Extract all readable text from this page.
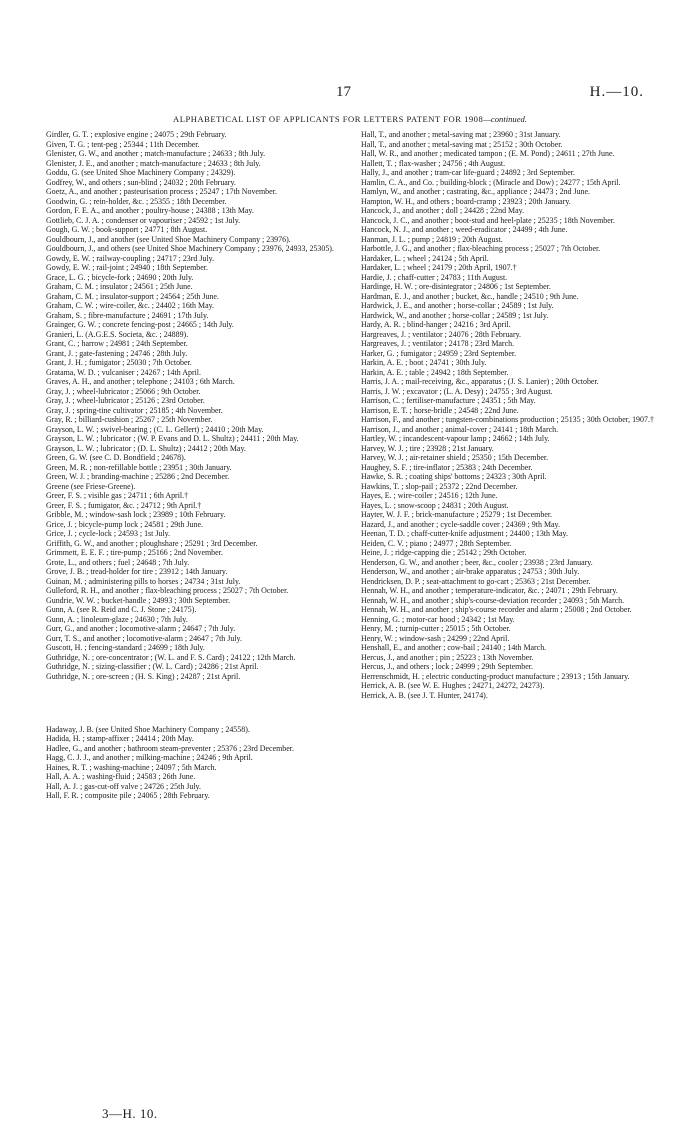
17	H.—10.
ALPHABETICAL LIST OF APPLICANTS FOR LETTERS PATENT FOR 1908—continued.

Girdler, G. T. ; explosive engine ; 24075 ; 29th February.

Given, T. G. ; tent-peg ; 25344 ; 11th December.

Glenister, G. W., and another ; match-manufacture ; 24633 ; 8th July.

Glenister, J. E., and another ; match-manufacture ; 24633 ; 8th July.

Goddu, G. (see United Shoe Machinery Company ; 24329).

Godfrey, W., and others ; sun-blind ; 24032 ; 20th February.

Goetz, A., and another ; pasteurisation process ; 25247 ; 17th November.

Goodwin, G. ; rein-holder, &c. ; 25355 ; 18th December.

Gordon, F. E. A., and another ; poultry-house ; 24388 ; 13th May.

Gottlieb, C. J. A. ; condenser or vapouriser ; 24592 ; 1st July.

Gough, G. W. ; book-support ; 24771 ; 8th August.

Gouldbourn, J., and another (see United Shoe Machinery Company ; 23976).

Gouldbourn, J., and others (see United Shoe Machinery Company ; 23976, 24933, 25305).

Gowdy, E. W. ; railway-coupling ; 24717 ; 23rd July.

Gowdy, E. W. ; rail-joint ; 24940 ; 18th September.

Grace, L. G. ; bicycle-fork ; 24690 ; 20th July.

Graham, C. M. ; insulator ; 24561 ; 25th June.

Graham, C. M. ; insulator-support ; 24564 ; 25th June.

Graham, C. W. ; wire-coiler, &c. ; 24402 ; 16th May.

Graham, S. ; fibre-manufacture ; 24691 ; 17th July.

Grainger, G. W. ; concrete fencing-post ; 24665 ; 14th July.

Granieri, L. (A.G.E.S. Societa, &c. ; 24889).

Grant, C. ; harrow ; 24981 ; 24th September.

Grant, J. ; gate-fastening ; 24746 ; 28th July.

Grant, J. H. ; fumigator ; 25030 ; 7th October.

Gratama, W. D. ; vulcaniser ; 24267 ; 14th April.

Graves, A. H., and another ; telephone ; 24103 ; 6th March.

Gray, J. ; wheel-lubricator ; 25066 ; 9th October.

Gray, J. ; wheel-lubricator ; 25126 ; 23rd October.

Gray, J. ; spring-tine cultivator ; 25185 ; 4th November.

Gray, R. ; billiard-cushion ; 25267 ; 25th November.

Grayson, L. W. ; swivel-bearing ; (C. L. Gellert) ; 24410 ; 20th May.

Grayson, L. W. ; lubricator ; (W. P. Evans and D. L. Shultz) ; 24411 ; 20th May.

Grayson, L. W. ; lubricator ; (D. L. Shultz) ; 24412 ; 20th May.

Green, G. W. (see C. D. Bondfield ; 24678).

Green, M. R. ; non-refillable bottle ; 23951 ; 30th January.

Green, W. J. ; branding-machine ; 25286 ; 2nd December.

Greene (see Friese-Greene).

Greer, F. S. ; visible gas ; 24711 ; 6th April.†

Greer, F. S. ; fumigator, &c. ; 24712 ; 9th April.†

Gribble, M. ; window-sash lock ; 23989 ; 10th February.

Grice, J. ; bicycle-pump lock ; 24581 ; 29th June.

Grice, J. ; cycle-lock ; 24593 ; 1st July.

Griffith, G. W., and another ; ploughshare ; 25291 ; 3rd December.

Grimmett, E. E. F. ; tire-pump ; 25166 ; 2nd November.

Grote, L., and others ; fuel ; 24648 ; 7th July.

Grove, J. B. ; tread-holder for tire ; 23912 ; 14th January.

Guinan, M. ; administering pills to horses ; 24734 ; 31st July.

Gulleford, R. H., and another ; flax-bleaching process ; 25027 ; 7th October.

Gundrie, W. W. ; bucket-handle ; 24993 ; 30th September.

Gunn, A. (see R. Reid and C. J. Stone ; 24175).

Gunn, A. ; linoleum-glaze ; 24630 ; 7th July.

Gurr, G., and another ; locomotive-alarm ; 24647 ; 7th July.

Gurr, T. S., and another ; locomotive-alarm ; 24647 ; 7th July.

Guscott, H. ; fencing-standard ; 24699 ; 18th July.

Guthridge, N. ; ore-concentrator ; (W. L. and F. S. Card) ; 24122 ; 12th March.

Guthridge, N. ; sizing-classifier ; (W. L. Card) ; 24286 ; 21st April.

Guthridge, N. ; ore-screen ; (H. S. King) ; 24287 ; 21st April.

Hadaway, J. B. (see United Shoe Machinery Company ; 24558).

Hadida, H. ; stamp-affixer ; 24414 ; 20th May.

Hadlee, G., and another ; bathroom steam-preventer ; 25376 ; 23rd December.

Hagg, C. J. J., and another ; milking-machine ; 24246 ; 9th April.

Haines, R. T. ; washing-machine ; 24097 ; 5th March.

Hall, A. A. ; washing-fluid ; 24583 ; 26th June.

Hall, A. J. ; gas-cut-off valve ; 24726 ; 25th July.

Hall, F. R. ; composite pile ; 24065 ; 28th February.

Hall, T., and another ; metal-saving mat ; 23960 ; 31st January.

Hall, T., and another ; metal-saving mat ; 25152 ; 30th October.

Hall, W. R., and another ; medicated tampon ; (E. M. Pond) ; 24611 ; 27th June.

Hallett, T. ; flax-washer ; 24756 ; 4th August.

Hally, J., and another ; tram-car life-guard ; 24892 ; 3rd September.

Hamlin, C. A., and Co. ; building-block ; (Miracle and Dow) ; 24277 ; 15th April.

Hamlyn, W., and another ; castrating, &c., appliance ; 24473 ; 2nd June.

Hampton, W. H., and others ; board-cramp ; 23923 ; 20th January.

Hancock, J., and another ; doll ; 24428 ; 22nd May.

Hancock, J. C., and another ; boot-stud and heel-plate ; 25235 ; 18th November.

Hancock, N. J., and another ; weed-eradicator ; 24499 ; 4th June.

Hanman, J. L. ; pump ; 24819 ; 20th August.

Harbottle, J. G., and another ; flax-bleaching process ; 25027 ; 7th October.

Hardaker, L. ; wheel ; 24124 ; 5th April.

Hardaker, L. ; wheel ; 24179 ; 20th April, 1907.†

Hardie, J. ; chaff-cutter ; 24783 ; 11th August.

Hardinge, H. W. ; ore-disintegrator ; 24806 ; 1st September.

Hardman, E. J., and another ; bucket, &c., handle ; 24510 ; 9th June.

Hardwick, J. E., and another ; horse-collar ; 24589 ; 1st July.

Hardwick, W., and another ; horse-collar ; 24589 ; 1st July.

Hardy, A. R. ; blind-hanger ; 24216 ; 3rd April.

Hargreaves, J. ; ventilator ; 24076 ; 28th February.

Hargreaves, J. ; ventilator ; 24178 ; 23rd March.

Harker, G. ; fumigator ; 24959 ; 23rd September.

Harkin, A. E. ; boot ; 24741 ; 30th July.

Harkin, A. E. ; table ; 24942 ; 18th September.

Harris, J. A. ; mail-receiving, &c., apparatus ; (J. S. Lanier) ; 20th October.

Harris, J. W. ; excavator ; (L. A. Desy) ; 24755 ; 3rd August.

Harrison, C. ; fertiliser-manufacture ; 24351 ; 5th May.

Harrison, E. T. ; horse-bridle ; 24548 ; 22nd June.

Harrison, F., and another ; tungsten-combinations production ; 25135 ; 30th October, 1907.†

Harrison, J., and another ; animal-cover ; 24141 ; 18th March.

Hartley, W. ; incandescent-vapour lamp ; 24662 ; 14th July.

Harvey, W. J. ; tire ; 23928 ; 21st January.

Harvey, W. J. ; air-retainer shield ; 25350 ; 15th December.

Haughey, S. F. ; tire-inflator ; 25383 ; 24th December.

Hawke, S. R. ; coating ships' bottoms ; 24323 ; 30th April.

Hawkins, T. ; slop-pail ; 25372 ; 22nd December.

Hayes, E. ; wire-coiler ; 24516 ; 12th June.

Hayes, L. ; snow-scoop ; 24831 ; 20th August.

Hayter, W. J. F. ; brick-manufacture ; 25279 ; 1st December.

Hazard, J., and another ; cycle-saddle cover ; 24369 ; 9th May.

Heenan, T. D. ; chaff-cutter-knife adjustment ; 24400 ; 13th May.

Heiden, C. V. ; piano ; 24977 ; 28th September.

Heine, J. ; ridge-capping die ; 25142 ; 29th October.

Henderson, G. W., and another ; beer, &c., cooler ; 23938 ; 23rd January.

Henderson, W., and another ; air-brake apparatus ; 24753 ; 30th July.

Hendricksen, D. P. ; seat-attachment to go-cart ; 25363 ; 21st December.

Hennah, W. H., and another ; temperature-indicator, &c. ; 24071 ; 29th February.

Hennah, W. H., and another ; ship's-course-deviation recorder ; 24093 ; 5th March.

Hennah, W. H., and another ; ship's-course recorder and alarm ; 25008 ; 2nd October.

Henning, G. ; motor-car hood ; 24342 ; 1st May.

Henry, M. ; turnip-cutter ; 25015 ; 5th October.

Henry, W. ; window-sash ; 24299 ; 22nd April.

Henshall, E., and another ; cow-bail ; 24140 ; 14th March.

Hercus, J., and another ; pin ; 25223 ; 13th November.

Hercus, J., and others ; lock ; 24999 ; 29th September.

Herrenschmidt, H. ; electric conducting-product manufacture ; 23913 ; 15th January.

Herrick, A. B. (see W. E. Hughes ; 24271, 24272, 24273).

Herrick, A. B. (see J. T. Hunter, 24174).

3—H. 10.
